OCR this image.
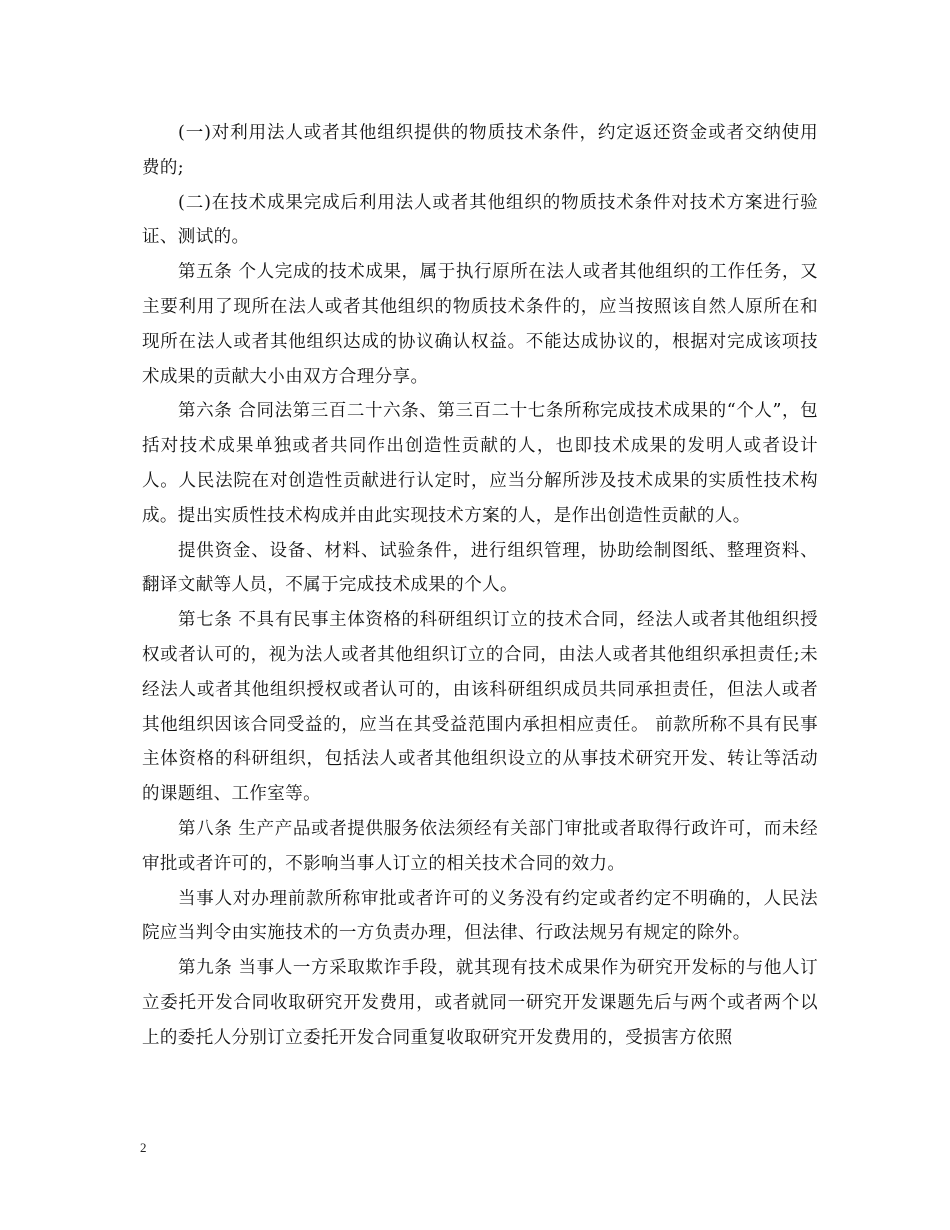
(一)对利用法人或者其他组织提供的物质技术条件，约定返还资金或者交纳使用费的;

(二)在技术成果完成后利用法人或者其他组织的物质技术条件对技术方案进行验证、测试的。

第五条 个人完成的技术成果，属于执行原所在法人或者其他组织的工作任务，又主要利用了现所在法人或者其他组织的物质技术条件的，应当按照该自然人原所在和现所在法人或者其他组织达成的协议确认权益。不能达成协议的，根据对完成该项技术成果的贡献大小由双方合理分享。

第六条 合同法第三百二十六条、第三百二十七条所称完成技术成果的“个人”，包括对技术成果单独或者共同作出创造性贡献的人，也即技术成果的发明人或者设计人。人民法院在对创造性贡献进行认定时，应当分解所涉及技术成果的实质性技术构成。提出实质性技术构成并由此实现技术方案的人，是作出创造性贡献的人。

提供资金、设备、材料、试验条件，进行组织管理，协助绘制图纸、整理资料、翻译文献等人员，不属于完成技术成果的个人。

第七条 不具有民事主体资格的科研组织订立的技术合同，经法人或者其他组织授权或者认可的，视为法人或者其他组织订立的合同，由法人或者其他组织承担责任;未经法人或者其他组织授权或者认可的，由该科研组织成员共同承担责任，但法人或者其他组织因该合同受益的，应当在其受益范围内承担相应责任。 前款所称不具有民事主体资格的科研组织，包括法人或者其他组织设立的从事技术研究开发、转让等活动的课题组、工作室等。

第八条 生产产品或者提供服务依法须经有关部门审批或者取得行政许可，而未经审批或者许可的，不影响当事人订立的相关技术合同的效力。

当事人对办理前款所称审批或者许可的义务没有约定或者约定不明确的，人民法院应当判令由实施技术的一方负责办理，但法律、行政法规另有规定的除外。

第九条 当事人一方采取欺诈手段，就其现有技术成果作为研究开发标的与他人订立委托开发合同收取研究开发费用，或者就同一研究开发课题先后与两个或者两个以上的委托人分别订立委托开发合同重复收取研究开发费用的，受损害方依照

2
